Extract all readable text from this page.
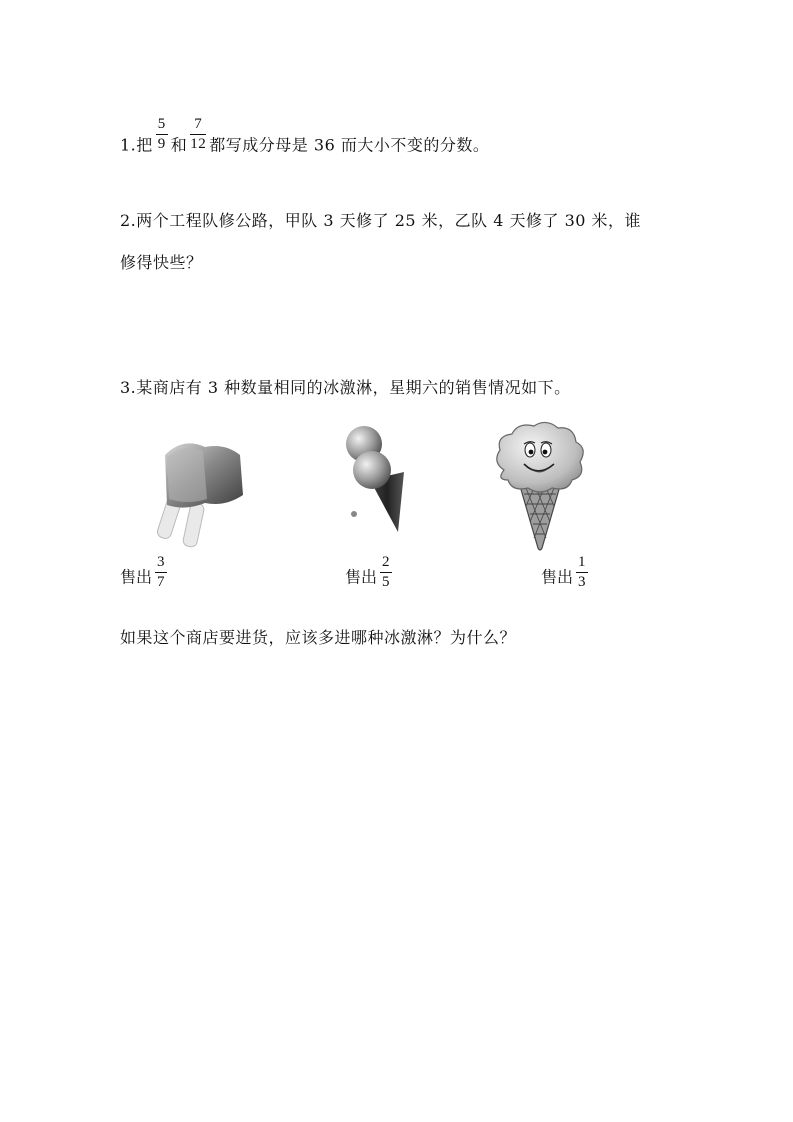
1.把 $\frac{5}{9}$ 和 $\frac{7}{12}$ 都写成分母是 36 而大小不变的分数。
2.两个工程队修公路，甲队 3 天修了 25 米，乙队 4 天修了 30 米，谁
修得快些？
3.某商店有 3 种数量相同的冰激淋，星期六的销售情况如下。
售出 $\frac{3}{7}$	售出 $\frac{2}{5}$	售出 $\frac{1}{3}$
如果这个商店要进货，应该多进哪种冰激淋？为什么？
